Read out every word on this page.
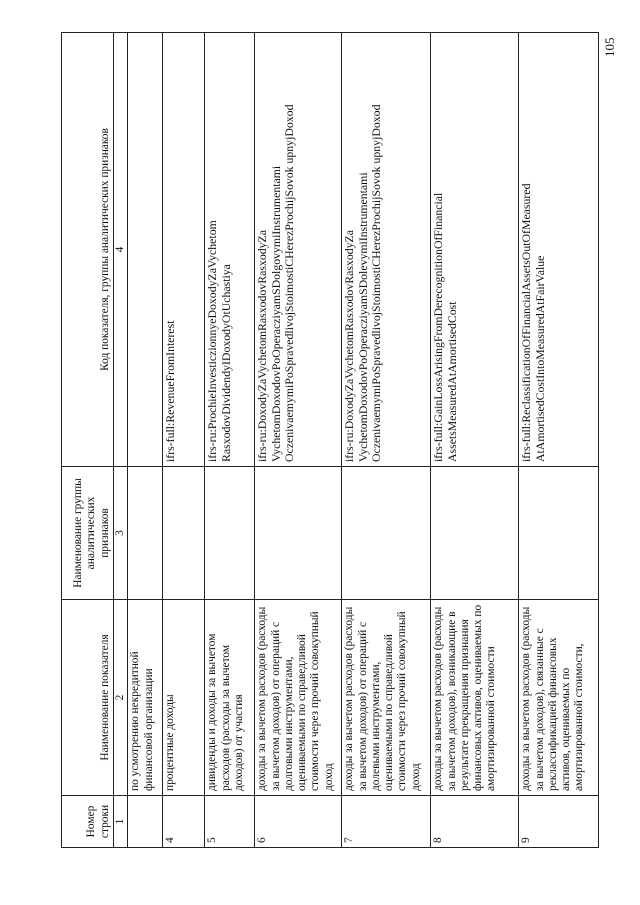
105
Номер строки	Наименование показателя	Наименование группы аналитических признаков	Код показателя, группы аналитических признаков
1	2	3	4
	по усмотрению некредитной финансовой организации		
4	процентные доходы		ifrs-full:RevenueFromInterest
5	дивиденды и доходы за вычетом расходов (расходы за вычетом доходов) от участия		ifrs-ru:ProchieInvesticzionnyeDoxodyZaVychetom RasxodovDividendyIDoxodyOtUchastiya
6	доходы за вычетом расходов (расходы за вычетом доходов) от операций с долговыми инструментами, оцениваемыми по справедливой стоимости через прочий совокупный доход		ifrs-ru:DoxodyZaVychetomRasxodovRasxodyZa VychetomDoxodovPoOperacziyamSDolgovymiInstrumentami OczenivaemymiPoSpravedlivojStoimostiCHerezProchijSovok upnyjDoxod
7	доходы за вычетом расходов (расходы за вычетом доходов) от операций с долевыми инструментами, оцениваемыми по справедливой стоимости через прочий совокупный доход		ifrs-ru:DoxodyZaVychetomRasxodovRasxodyZa VychetomDoxodovPoOperacziyamSDolevymiInstrumentami OczenivaemymiPoSpravedlivojStoimostiCHerezProchijSovok upnyjDoxod
8	доходы за вычетом расходов (расходы за вычетом доходов), возникающие в результате прекращения признания финансовых активов, оцениваемых по амортизированной стоимости		ifrs-full:GainLossArisingFromDerecognitionOfFinancial AssetsMeasuredAtAmortisedCost
9	доходы за вычетом расходов (расходы за вычетом доходов), связанные с реклассификацией финансовых активов, оцениваемых по амортизированной стоимости,		ifrs-full:ReclassificationOfFinancialAssetsOutOfMeasured AtAmortisedCostIntoMeasuredAtFairValue
